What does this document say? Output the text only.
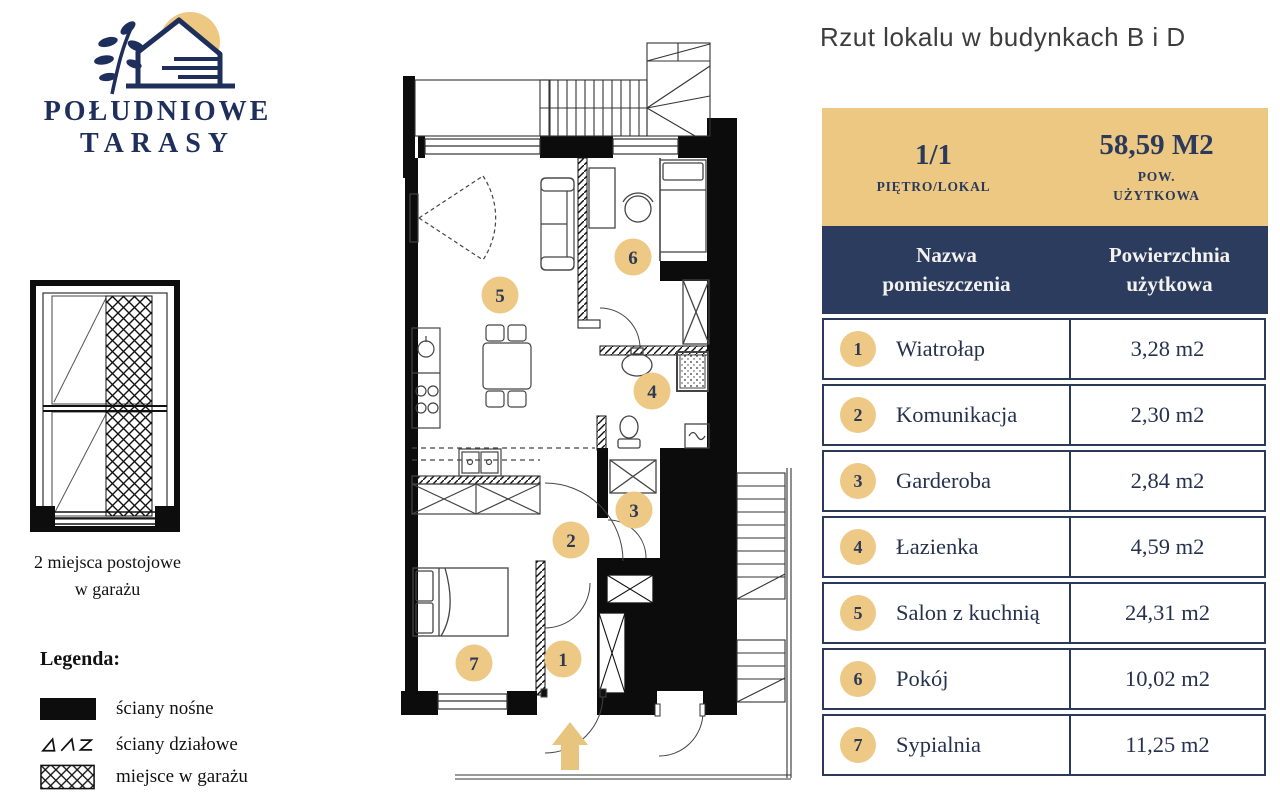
POŁUDNIOWE
TARASY
2 miejsca postojowe w garażu
Legenda:
ściany nośne
ściany działowe
miejsce w garażu
1
2
3
4
5
6
7
Rzut lokalu w budynkach B i D
1/1
PIĘTRO/LOKAL
58,59 M2
POW. UŻYTKOWA
Nazwa pomieszczenia
Powierzchnia użytkowa
1	Wiatrołap	3,28 m2
2	Komunikacja	2,30 m2
3	Garderoba	2,84 m2
4	Łazienka	4,59 m2
5	Salon z kuchnią	24,31 m2
6	Pokój	10,02 m2
7	Sypialnia	11,25 m2
